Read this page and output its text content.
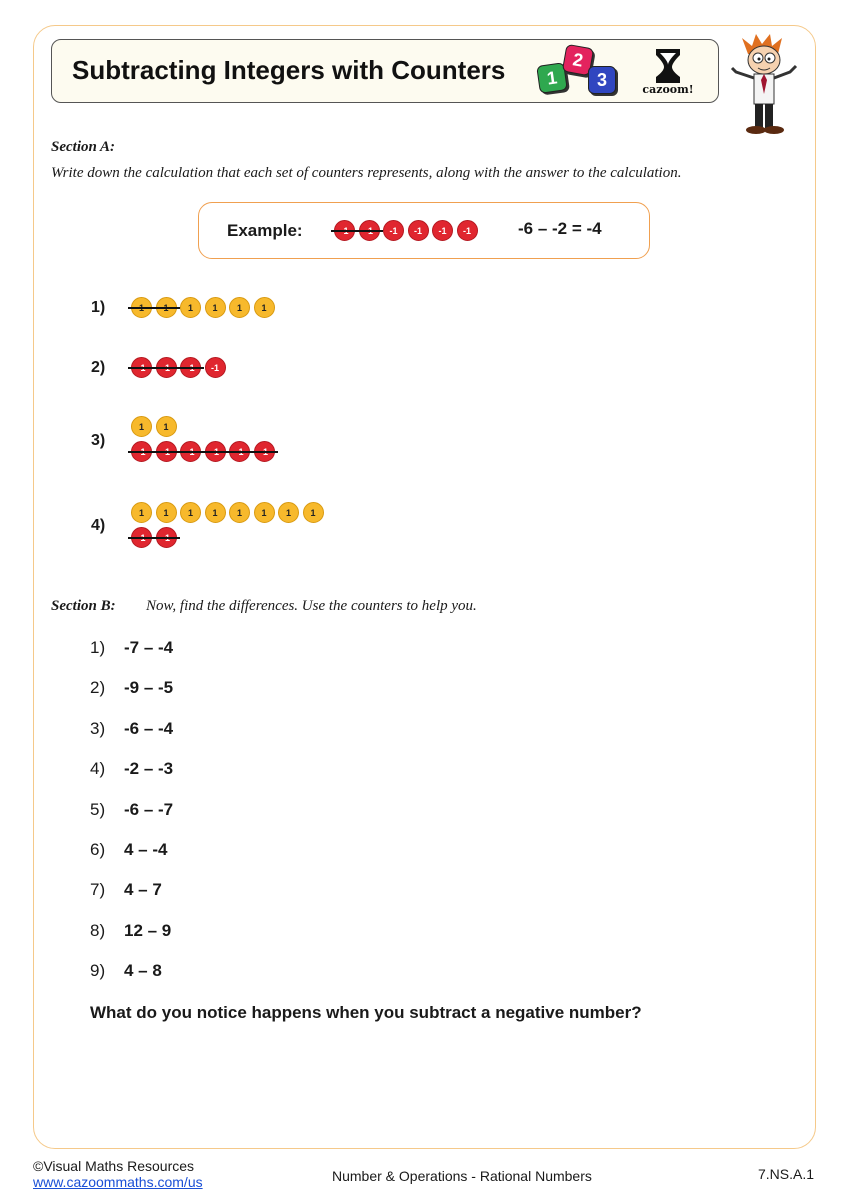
Subtracting Integers with Counters	1
2
3	cazoom!
Section A:
Write down the calculation that each set of counters represents, along with the answer to the calculation.
Example:	-1	-1	-1	-1	-6 – -2 = -4
1)
2)
3)
4)
1	1	1	1
-1
1	1
1	1	1	1	1	1	1	1
Section B: Now, find the differences. Use the counters to help you.
1) -7 – -4
2) -9 – -5
3) -6 – -4
4) -2 – -3
5) -6 – -7
6) 4 – -4
7) 4 – 7
8) 12 – 9
9) 4 – 8
What do you notice happens when you subtract a negative number?
©Visual Maths Resources
www.cazoommaths.com/us	Number & Operations - Rational Numbers	7.NS.A.1
